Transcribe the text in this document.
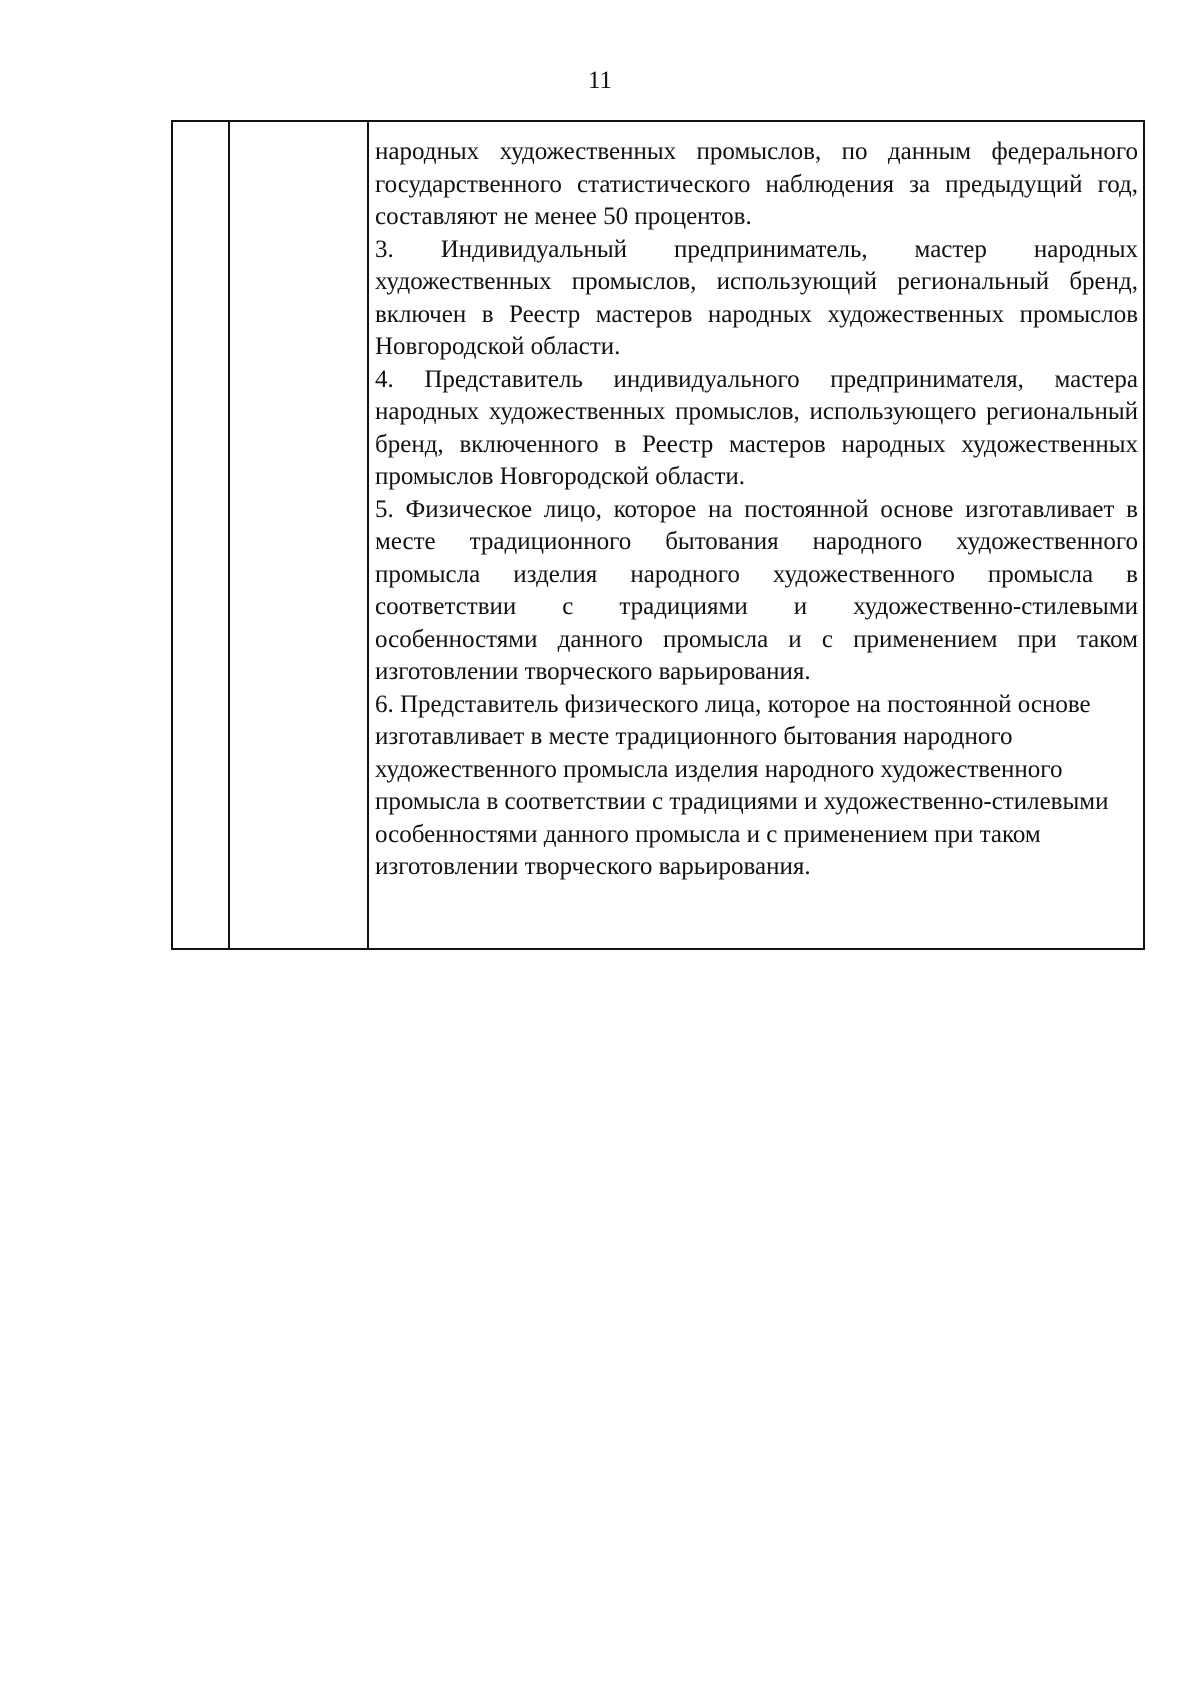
11

народных художественных промыслов, по данным федерального государственного статистического наблюдения за предыдущий год, составляют не менее 50 процентов.

3. Индивидуальный предприниматель, мастер народных художественных промыслов, использующий региональный бренд, включен в Реестр мастеров народных художественных промыслов Новгородской области.

4. Представитель индивидуального предпринимателя, мастера народных художественных промыслов, использующего региональный бренд, включенного в Реестр мастеров народных художественных промыслов Новгородской области.

5. Физическое лицо, которое на постоянной основе изготавливает в месте традиционного бытования народного художественного промысла изделия народного художественного промысла в соответствии с традициями и художественно-стилевыми особенностями данного промысла и с применением при таком изготовлении творческого варьирования.

6. Представитель физического лица, которое на постоянной основе изготавливает в месте традиционного бытования народного художественного промысла изделия народного художественного промысла в соответствии с традициями и художественно-стилевыми особенностями данного промысла и с применением при таком изготовлении творческого варьирования.
